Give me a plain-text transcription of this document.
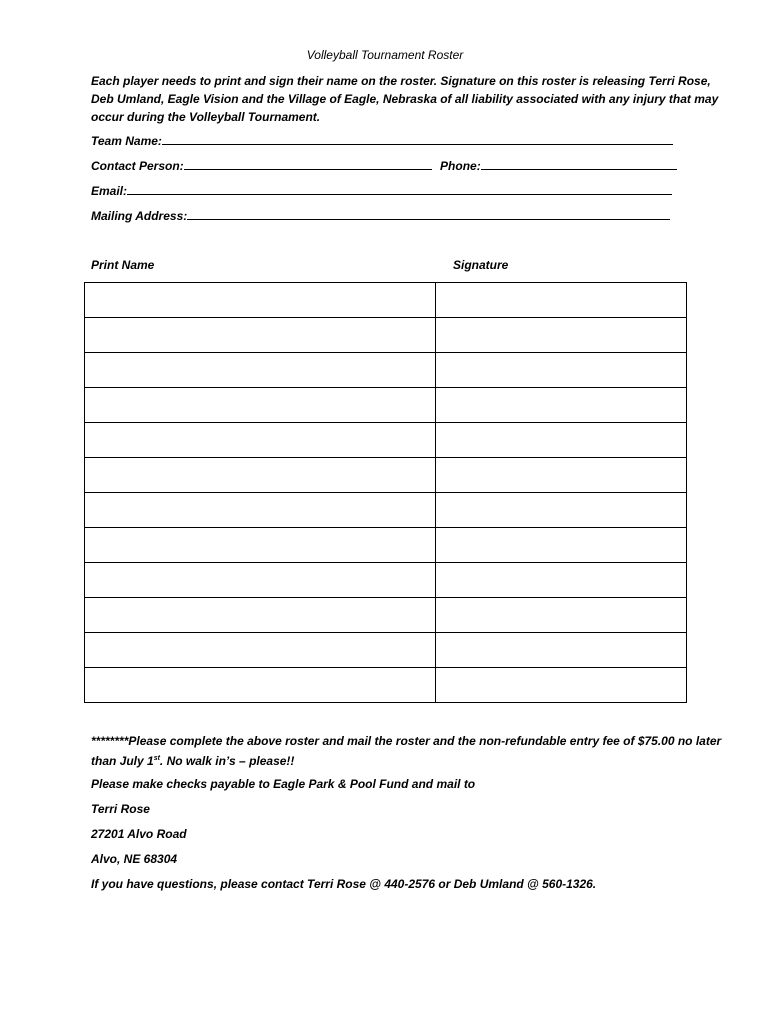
Volleyball Tournament Roster
Each player needs to print and sign their name on the roster. Signature on this roster is releasing Terri Rose, Deb Umland, Eagle Vision and the Village of Eagle, Nebraska of all liability associated with any injury that may occur during the Volleyball Tournament.
Team Name:
Contact Person:	Phone:
Email:
Mailing Address:
Print Name	Signature

********Please complete the above roster and mail the roster and the non-refundable entry fee of $75.00 no later than July 1st. No walk in’s – please!!
Please make checks payable to Eagle Park & Pool Fund and mail to
Terri Rose
27201 Alvo Road
Alvo, NE 68304
If you have questions, please contact Terri Rose @ 440-2576 or Deb Umland @ 560-1326.
